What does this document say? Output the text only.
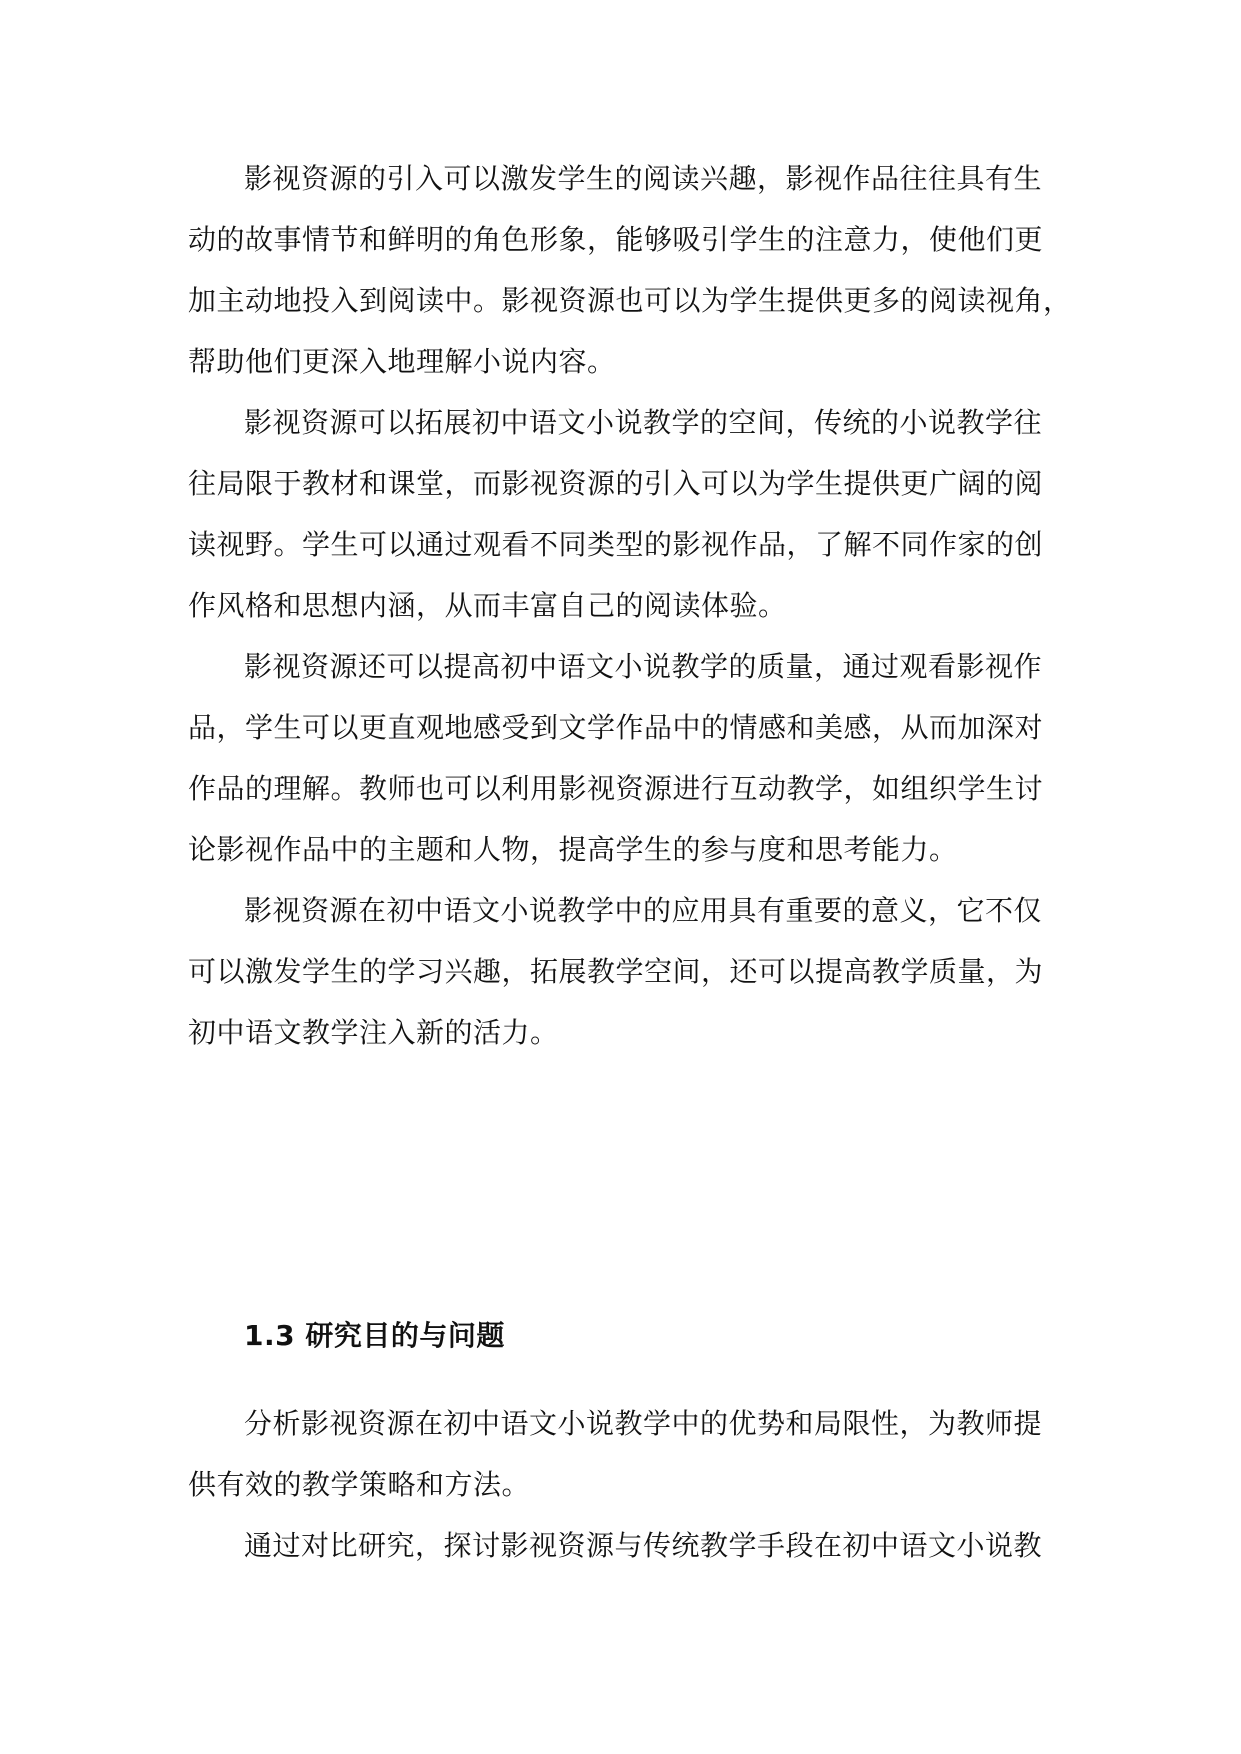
影视资源的引入可以激发学生的阅读兴趣，影视作品往往具有生
动的故事情节和鲜明的角色形象，能够吸引学生的注意力，使他们更
加主动地投入到阅读中。影视资源也可以为学生提供更多的阅读视角，
帮助他们更深入地理解小说内容。

影视资源可以拓展初中语文小说教学的空间，传统的小说教学往
往局限于教材和课堂，而影视资源的引入可以为学生提供更广阔的阅
读视野。学生可以通过观看不同类型的影视作品，了解不同作家的创
作风格和思想内涵，从而丰富自己的阅读体验。

影视资源还可以提高初中语文小说教学的质量，通过观看影视作
品，学生可以更直观地感受到文学作品中的情感和美感，从而加深对
作品的理解。教师也可以利用影视资源进行互动教学，如组织学生讨
论影视作品中的主题和人物，提高学生的参与度和思考能力。

影视资源在初中语文小说教学中的应用具有重要的意义，它不仅
可以激发学生的学习兴趣，拓展教学空间，还可以提高教学质量，为
初中语文教学注入新的活力。

1.3 研究目的与问题

分析影视资源在初中语文小说教学中的优势和局限性，为教师提
供有效的教学策略和方法。

通过对比研究，探讨影视资源与传统教学手段在初中语文小说教
